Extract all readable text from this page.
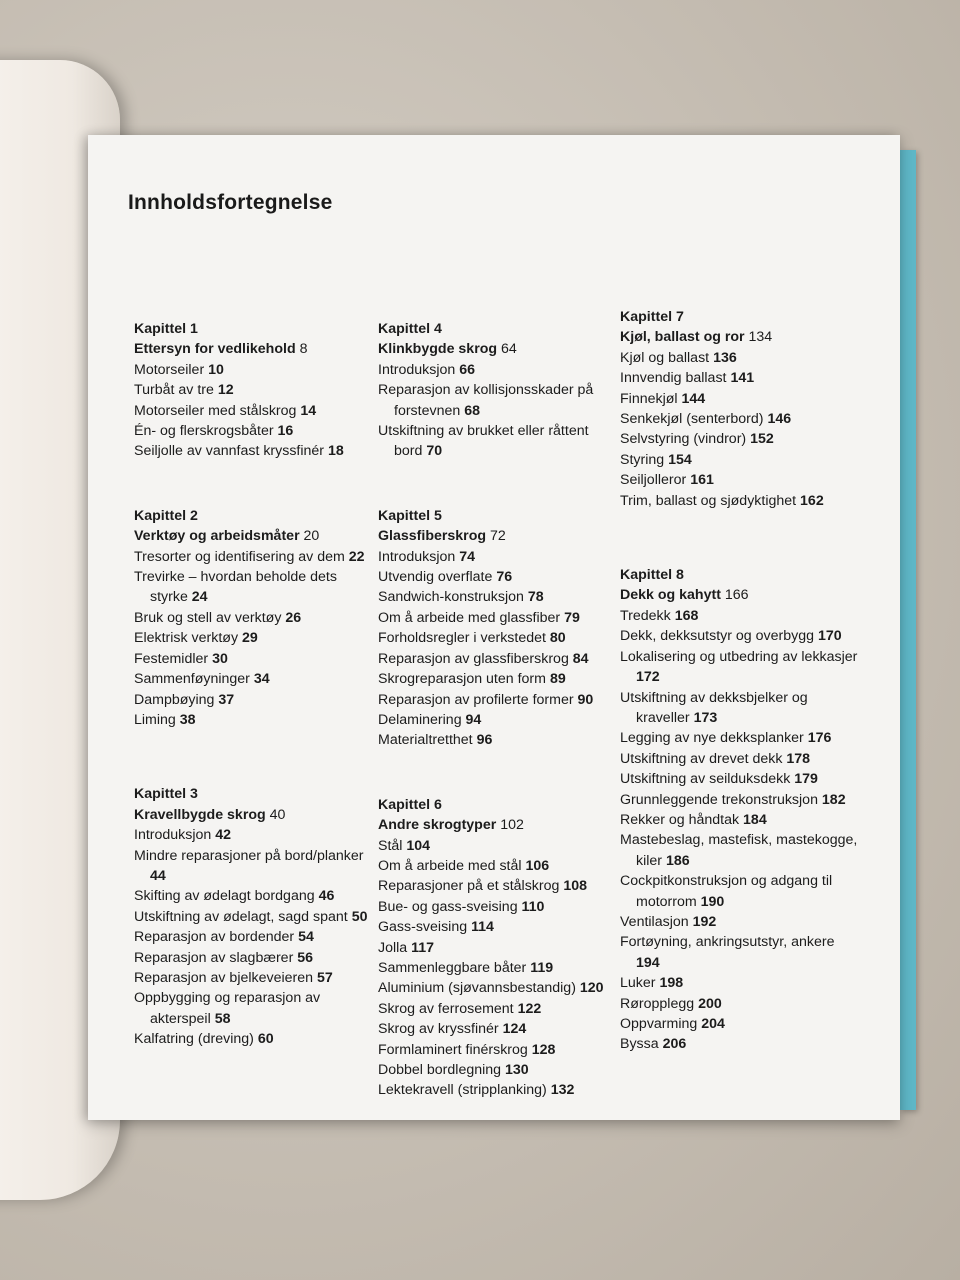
Innholdsfortegnelse
Kapittel 1
Ettersyn for vedlikehold 8
Motorseiler 10
Turbåt av tre 12
Motorseiler med stålskrog 14
Én- og flerskrogsbåter 16
Seiljolle av vannfast kryssfinér 18
Kapittel 2
Verktøy og arbeidsmåter 20
Tresorter og identifisering av dem 22
Trevirke – hvordan beholde dets styrke 24
Bruk og stell av verktøy 26
Elektrisk verktøy 29
Festemidler 30
Sammenføyninger 34
Dampbøying 37
Liming 38
Kapittel 3
Kravellbygde skrog 40
Introduksjon 42
Mindre reparasjoner på bord/planker 44
Skifting av ødelagt bordgang 46
Utskiftning av ødelagt, sagd spant 50
Reparasjon av bordender 54
Reparasjon av slagbærer 56
Reparasjon av bjelkeveieren 57
Oppbygging og reparasjon av akterspeil 58
Kalfatring (dreving) 60
Kapittel 4
Klinkbygde skrog 64
Introduksjon 66
Reparasjon av kollisjonsskader på forstevnen 68
Utskiftning av brukket eller råttent bord 70
Kapittel 5
Glassfiberskrog 72
Introduksjon 74
Utvendig overflate 76
Sandwich-konstruksjon 78
Om å arbeide med glassfiber 79
Forholdsregler i verkstedet 80
Reparasjon av glassfiberskrog 84
Skrogreparasjon uten form 89
Reparasjon av profilerte former 90
Delaminering 94
Materialtretthet 96
Kapittel 6
Andre skrogtyper 102
Stål 104
Om å arbeide med stål 106
Reparasjoner på et stålskrog 108
Bue- og gass-sveising 110
Gass-sveising 114
Jolla 117
Sammenleggbare båter 119
Aluminium (sjøvannsbestandig) 120
Skrog av ferrosement 122
Skrog av kryssfinér 124
Formlaminert finérskrog 128
Dobbel bordlegning 130
Lektekravell (stripplanking) 132
Kapittel 7
Kjøl, ballast og ror 134
Kjøl og ballast 136
Innvendig ballast 141
Finnekjøl 144
Senkekjøl (senterbord) 146
Selvstyring (vindror) 152
Styring 154
Seiljolleror 161
Trim, ballast og sjødyktighet 162
Kapittel 8
Dekk og kahytt 166
Tredekk 168
Dekk, dekksutstyr og overbygg 170
Lokalisering og utbedring av lekkasjer 172
Utskiftning av dekksbjelker og kraveller 173
Legging av nye dekksplanker 176
Utskiftning av drevet dekk 178
Utskiftning av seilduksdekk 179
Grunnleggende trekonstruksjon 182
Rekker og håndtak 184
Mastebeslag, mastefisk, mastekogge, kiler 186
Cockpitkonstruksjon og adgang til motorrom 190
Ventilasjon 192
Fortøyning, ankringsutstyr, ankere 194
Luker 198
Røropplegg 200
Oppvarming 204
Byssa 206
